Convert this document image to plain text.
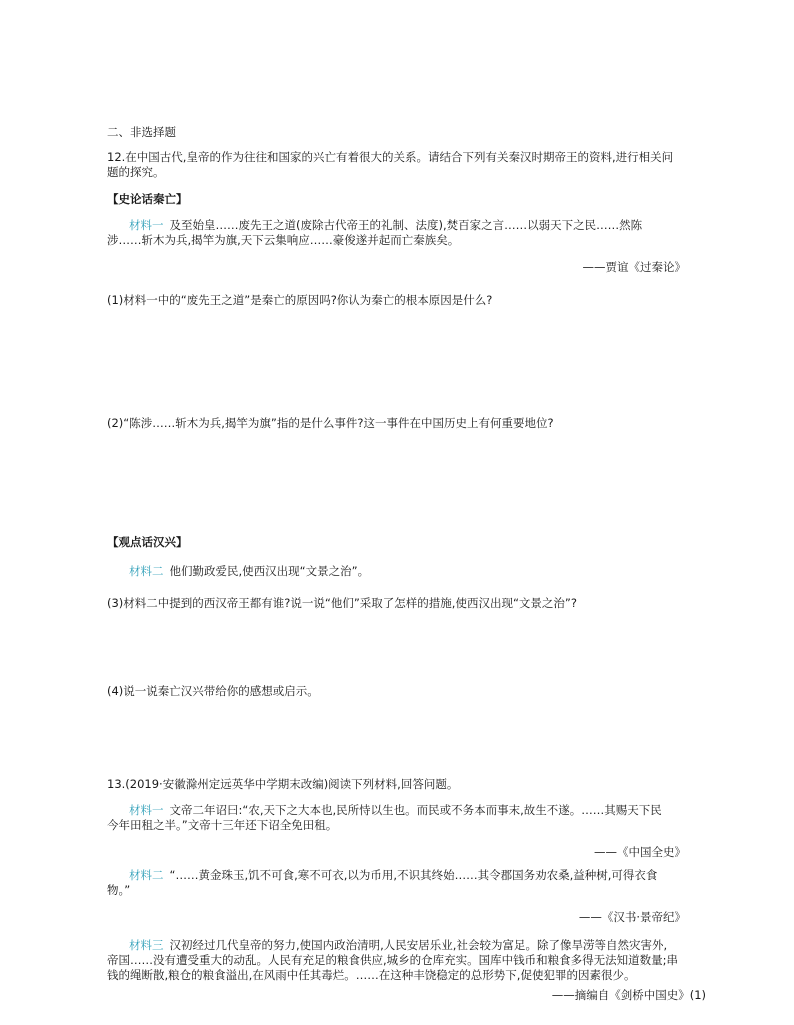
二、非选择题
12.在中国古代,皇帝的作为往往和国家的兴亡有着很大的关系。请结合下列有关秦汉时期帝王的资料,进行相关问
题的探究。
【史论话秦亡】
材料一 及至始皇……废先王之道(废除古代帝王的礼制、法度),焚百家之言……以弱天下之民……然陈
涉……斩木为兵,揭竿为旗,天下云集响应……豪俊遂并起而亡秦族矣。
——贾谊《过秦论》
(1)材料一中的“废先王之道”是秦亡的原因吗?你认为秦亡的根本原因是什么?
(2)“陈涉……斩木为兵,揭竿为旗”指的是什么事件?这一事件在中国历史上有何重要地位?
【观点话汉兴】
材料二 他们勤政爱民,使西汉出现“文景之治”。
(3)材料二中提到的西汉帝王都有谁?说一说“他们”采取了怎样的措施,使西汉出现“文景之治”?
(4)说一说秦亡汉兴带给你的感想或启示。
13.(2019·安徽滁州定远英华中学期末改编)阅读下列材料,回答问题。
材料一 文帝二年诏曰:“农,天下之大本也,民所恃以生也。而民或不务本而事末,故生不遂。……其赐天下民
今年田租之半。”文帝十三年还下诏全免田租。
——《中国全史》
材料二 “……黄金珠玉,饥不可食,寒不可衣,以为币用,不识其终始……其令郡国务劝农桑,益种树,可得衣食
物。”
——《汉书·景帝纪》
材料三 汉初经过几代皇帝的努力,使国内政治清明,人民安居乐业,社会较为富足。除了像旱涝等自然灾害外,
帝国……没有遭受重大的动乱。人民有充足的粮食供应,城乡的仓库充实。国库中钱币和粮食多得无法知道数量;串
钱的绳断散,粮仓的粮食溢出,在风雨中任其毒烂。……在这种丰饶稳定的总形势下,促使犯罪的因素很少。
——摘编自《剑桥中国史》(1)
